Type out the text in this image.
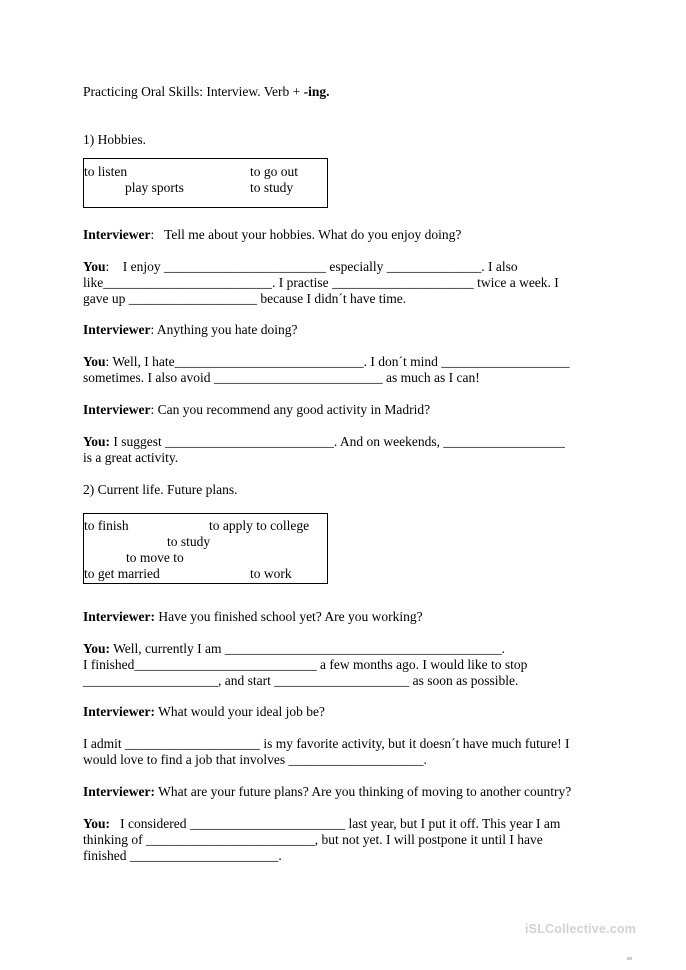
Practicing Oral Skills: Interview. Verb + -ing.
1) Hobbies.
to listen	to go out
play sports	to study
Interviewer:   Tell me about your hobbies. What do you enjoy doing?
You:    I enjoy ________________________ especially ______________. I also
like_________________________. I practise _____________________ twice a week. I
gave up ___________________ because I didn´t have time.
Interviewer: Anything you hate doing?
You: Well, I hate____________________________. I don´t mind ___________________
sometimes. I also avoid _________________________ as much as I can!
Interviewer: Can you recommend any good activity in Madrid?
You: I suggest _________________________. And on weekends, __________________
is a great activity.
2) Current life. Future plans.
to finish	to apply to college
to study
to move to
to get married	to work
Interviewer: Have you finished school yet? Are you working?
You: Well, currently I am _________________________________________.
I finished___________________________ a few months ago. I would like to stop
____________________, and start ____________________ as soon as possible.
Interviewer: What would your ideal job be?
I admit ____________________ is my favorite activity, but it doesn´t have much future! I
would love to find a job that involves ____________________.
Interviewer: What are your future plans? Are you thinking of moving to another country?
You:   I considered _______________________ last year, but I put it off. This year I am
thinking of _________________________, but not yet. I will postpone it until I have
finished ______________________.
iSLCollective.com
